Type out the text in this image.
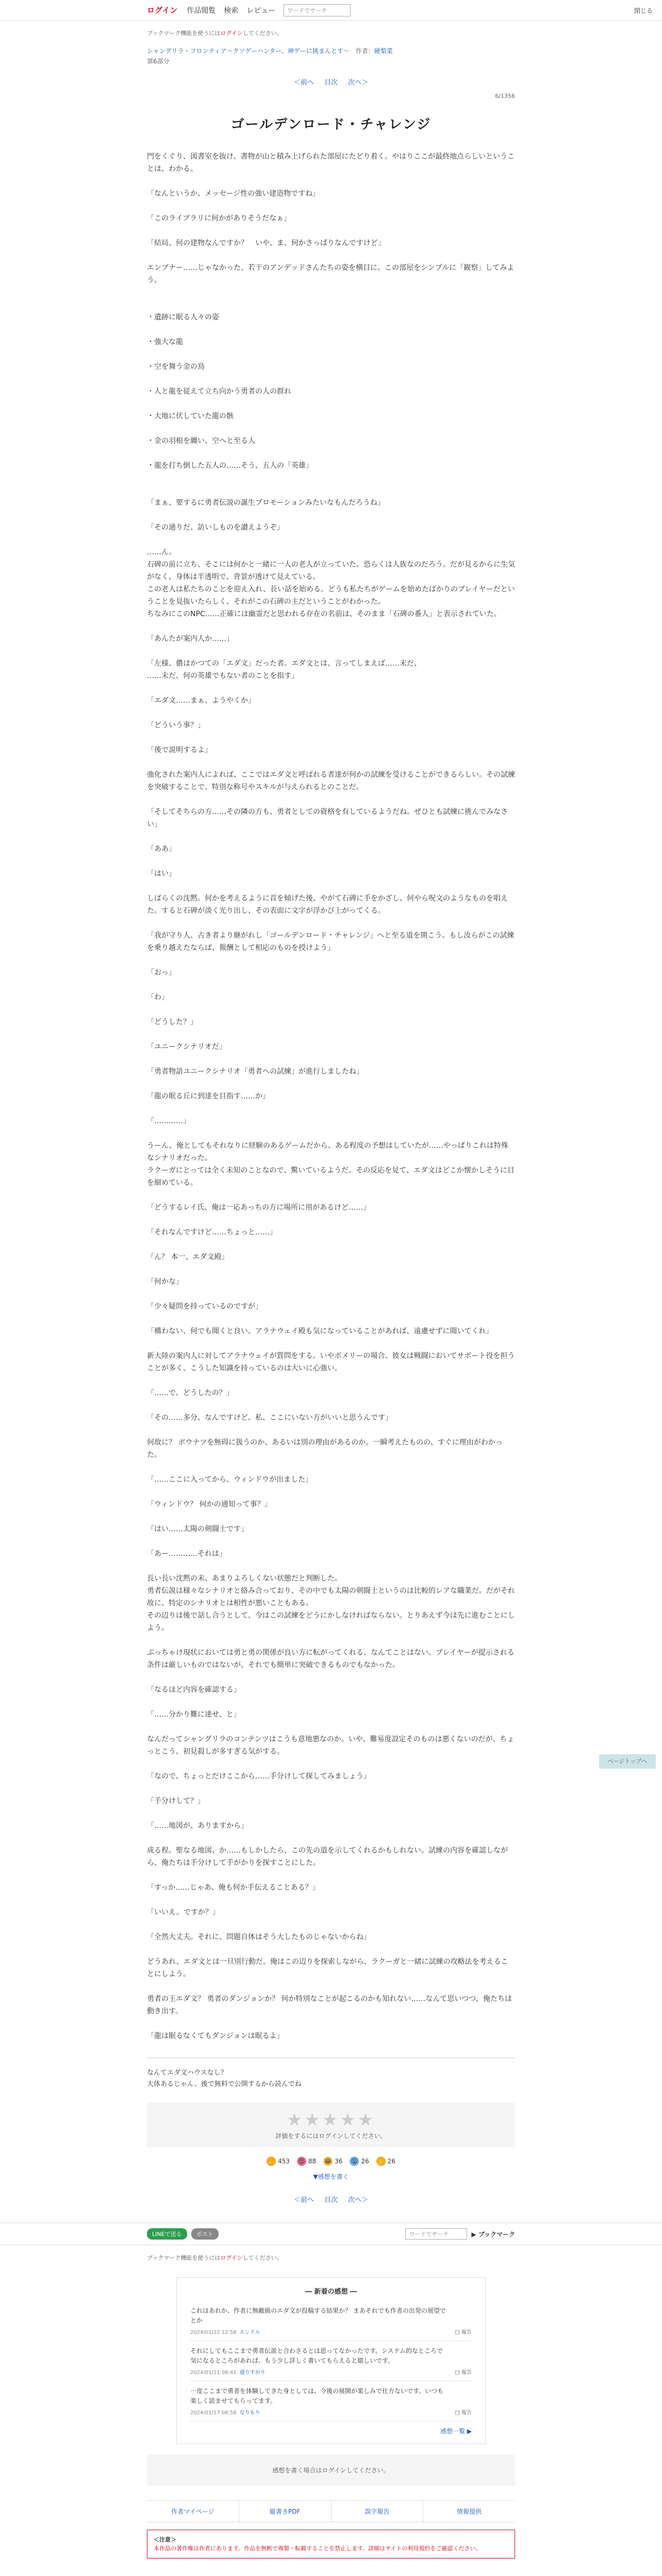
ログイン 作品閲覧 検索 レビュー	ワードでサーチ	閉じる
ブックマーク機能を使うにはログインしてください。
シャングリラ・フロンティア〜クソゲーハンター、神ゲーに挑まんとす〜 作者：硬梨菜
第6部分
＜前へ 目次 次へ＞
6/1356
ゴールデンロード・チャレンジ

門をくぐり、図書室を抜け、書物が山と積み上げられた部屋にたどり着く。やはりここが最終地点らしいということは、わかる。

「なんというか、メッセージ性の強い建造物ですね」

「このライブラリに何かがありそうだなぁ」

「結局、何の建物なんですか？　いや、ま、何かさっぱりなんですけど」

エンブナー……じゃなかった、若干のアンデッドさんたちの姿を横目に、この部屋をシンプルに「観察」してみよう。

・遺跡に眠る人々の姿

・強大な龍

・空を舞う金の鳥

・人と龍を従えて立ち向かう勇者の人の群れ

・大地に伏していた龍の骸

・金の羽根を纏い、空へと至る人

・龍を打ち倒した五人の……そう、五人の「英雄」

「まぁ、要するに勇者伝説の誕生プロモーションみたいなもんだろうね」

「その通りだ、訪いしものを讃えようぞ」

……ん。

石碑の前に立ち、そこには何かと一緒に一人の老人が立っていた。恐らくは人族なのだろう。だが見るからに生気がなく、身体は半透明で、背景が透けて見えている。

この老人は私たちのことを迎え入れ、長い話を始める。どうも私たちがゲームを始めたばかりのプレイヤーだということを見抜いたらしく、それがこの石碑の主だということがわかった。

ちなみにこのNPC……正確には幽霊だと思われる存在の名前は、そのまま「石碑の番人」と表示されていた。

「あんたが案内人か……」

「左様、儂はかつての「エダ文」だった者。エダ文とは、言ってしまえば……未だ、

……未だ、何の英雄でもない者のことを指す」

「エダ文……まぁ、ようやくか」

「どういう事？」

「後で説明するよ」

強化された案内人によれば、ここではエダ文と呼ばれる者達が何かの試練を受けることができるらしい。その試練を突破することで、特別な称号やスキルが与えられるとのことだ。

「そしてそちらの方……その隣の方も、勇者としての資格を有しているようだね。ぜひとも試練に挑んでみなさい」

「ああ」

「はい」

しばらくの沈黙。何かを考えるように首を傾げた後、やがて石碑に手をかざし、何やら呪文のようなものを唱えた。すると石碑が淡く光り出し、その表面に文字が浮かび上がってくる。

「我が守り人、古き者より継がれし「ゴールデンロード・チャレンジ」へと至る道を開こう。もし汝らがこの試練を乗り越えたならば、報酬として相応のものを授けよう」

「おっ」

「わ」

「どうした？」

「ユニークシナリオだ」

「勇者物語ユニークシナリオ「勇者への試練」が進行しましたね」

「龍の眠る丘に到達を目指す……か」

「…………」

うーん、俺としてもそれなりに経験のあるゲームだから、ある程度の予想はしていたが……やっぱりこれは特殊なシナリオだった。

ラクーガにとっては全く未知のことなので、驚いているようだ。その反応を見て、エダ文はどこか懐かしそうに目を細めている。

「どうするレイ氏、俺は一応あっちの方に場所に用があるけど……」

「それなんですけど……ちょっと……」

「ん？ 本一、エダ文殿」

「何かな」

「少々疑問を持っているのですが」

「構わない、何でも聞くと良い。アラナウェイ殿も気になっていることがあれば、遠慮せずに聞いてくれ」

新大陸の案内人に対してアラナウェイが質問をする。いやボメリーの場合、彼女は戦闘においてサポート役を担うことが多く、こうした知識を持っているのは大いに心強い。

「……で、どうしたの？」

「その……多分、なんですけど。私、ここにいない方がいいと思うんです」

何故に？ ボウナツを無碍に扱うのか、あるいは別の理由があるのか。一瞬考えたものの、すぐに理由がわかった。

「……ここに入ってから、ウィンドウが出ました」

「ウィンドウ？ 何かの通知って事？」

「はい……太陽の剣闘士です」

「あー…………それは」

長い長い沈黙の末、あまりよろしくない状態だと判断した。

勇者伝説は様々なシナリオと絡み合っており、その中でも太陽の剣闘士というのは比較的レアな職業だ。だがそれ故に、特定のシナリオとは相性が悪いこともある。

その辺りは後で話し合うとして、今はこの試練をどうにかしなければならない。とりあえず今は先に進むことにしよう。

ぶっちゃけ現状においては勇と勇の関係が良い方に転がってくれる、なんてことはない。プレイヤーが提示される条件は厳しいものではないが、それでも簡単に突破できるものでもなかった。

「なるほど内容を確認する」

「……分かり難に達せ、と」

なんだってシャングリラのコンテンツはこうも意地悪なのか。いや、難易度設定そのものは悪くないのだが、ちょっとこう、初見殺しが多すぎる気がする。

「なので、ちょっとだけここから……手分けして探してみましょう」

「手分けして？」

「……地図が、ありますから」

成る程。聖なる地図、か……もしかしたら、この先の道を示してくれるかもしれない。試練の内容を確認しながら、俺たちは手分けして手がかりを探すことにした。

「すっか……じゃあ、俺も何か手伝えることある？」

「いいえ。ですか？」

「全然大丈夫。それに、問題自体はそう大したものじゃないからね」

どうあれ、エダ文とは一旦別行動だ。俺はこの辺りを探索しながら、ラクーガと一緒に試練の攻略法を考えることにしよう。

勇者の王エダ文？ 勇者のダンジョンか？ 何か特別なことが起こるのかも知れない……なんて思いつつ、俺たちは動き出す。

「龍は眠るなくてもダンジョンは眠るよ」

なんてエダ文ハウスなし？
大体あるじゃん、後で無料で公開するから読んでね
★★★★★
評価をするにはログインしてください。
👍 453 😍 88 😂 36 😮 26 👏 26
▼感想を書く
＜前へ 目次 次へ＞
LINEで送る	ポスト	ワードでサーチ	▶ ブックマーク
ブックマーク機能を使うにはログインしてください。
― 新着の感想 ―
これはあれか、作者に無敵級のエダ文が投稿する結果か？ まあそれでも作者の出発の展望でとか
2024/01/22 12:58 エンドル	□ 報告
それにしてもここまで勇者伝説と合わさるとは思ってなかったです。システム的なところで気になるところがあれば、もう少し詳しく書いてもらえると嬉しいです。
2024/01/21 08:41 通りすがり	□ 報告
一度ここまで勇者を体験してきた身としては、今後の展開が楽しみで仕方ないです。いつも楽しく読ませてもらってます。
2024/01/17 08:58 なりもり	□ 報告
感想一覧 ▶
感想を書く場合はログインしてください。
作者マイページ	縦書きPDF	誤字報告	情報提供
＜注意＞
本作品の著作権は作者にあります。作品を無断で複製・転載することを禁止します。詳細はサイトの利用規約をご確認ください。
ページトップへ
